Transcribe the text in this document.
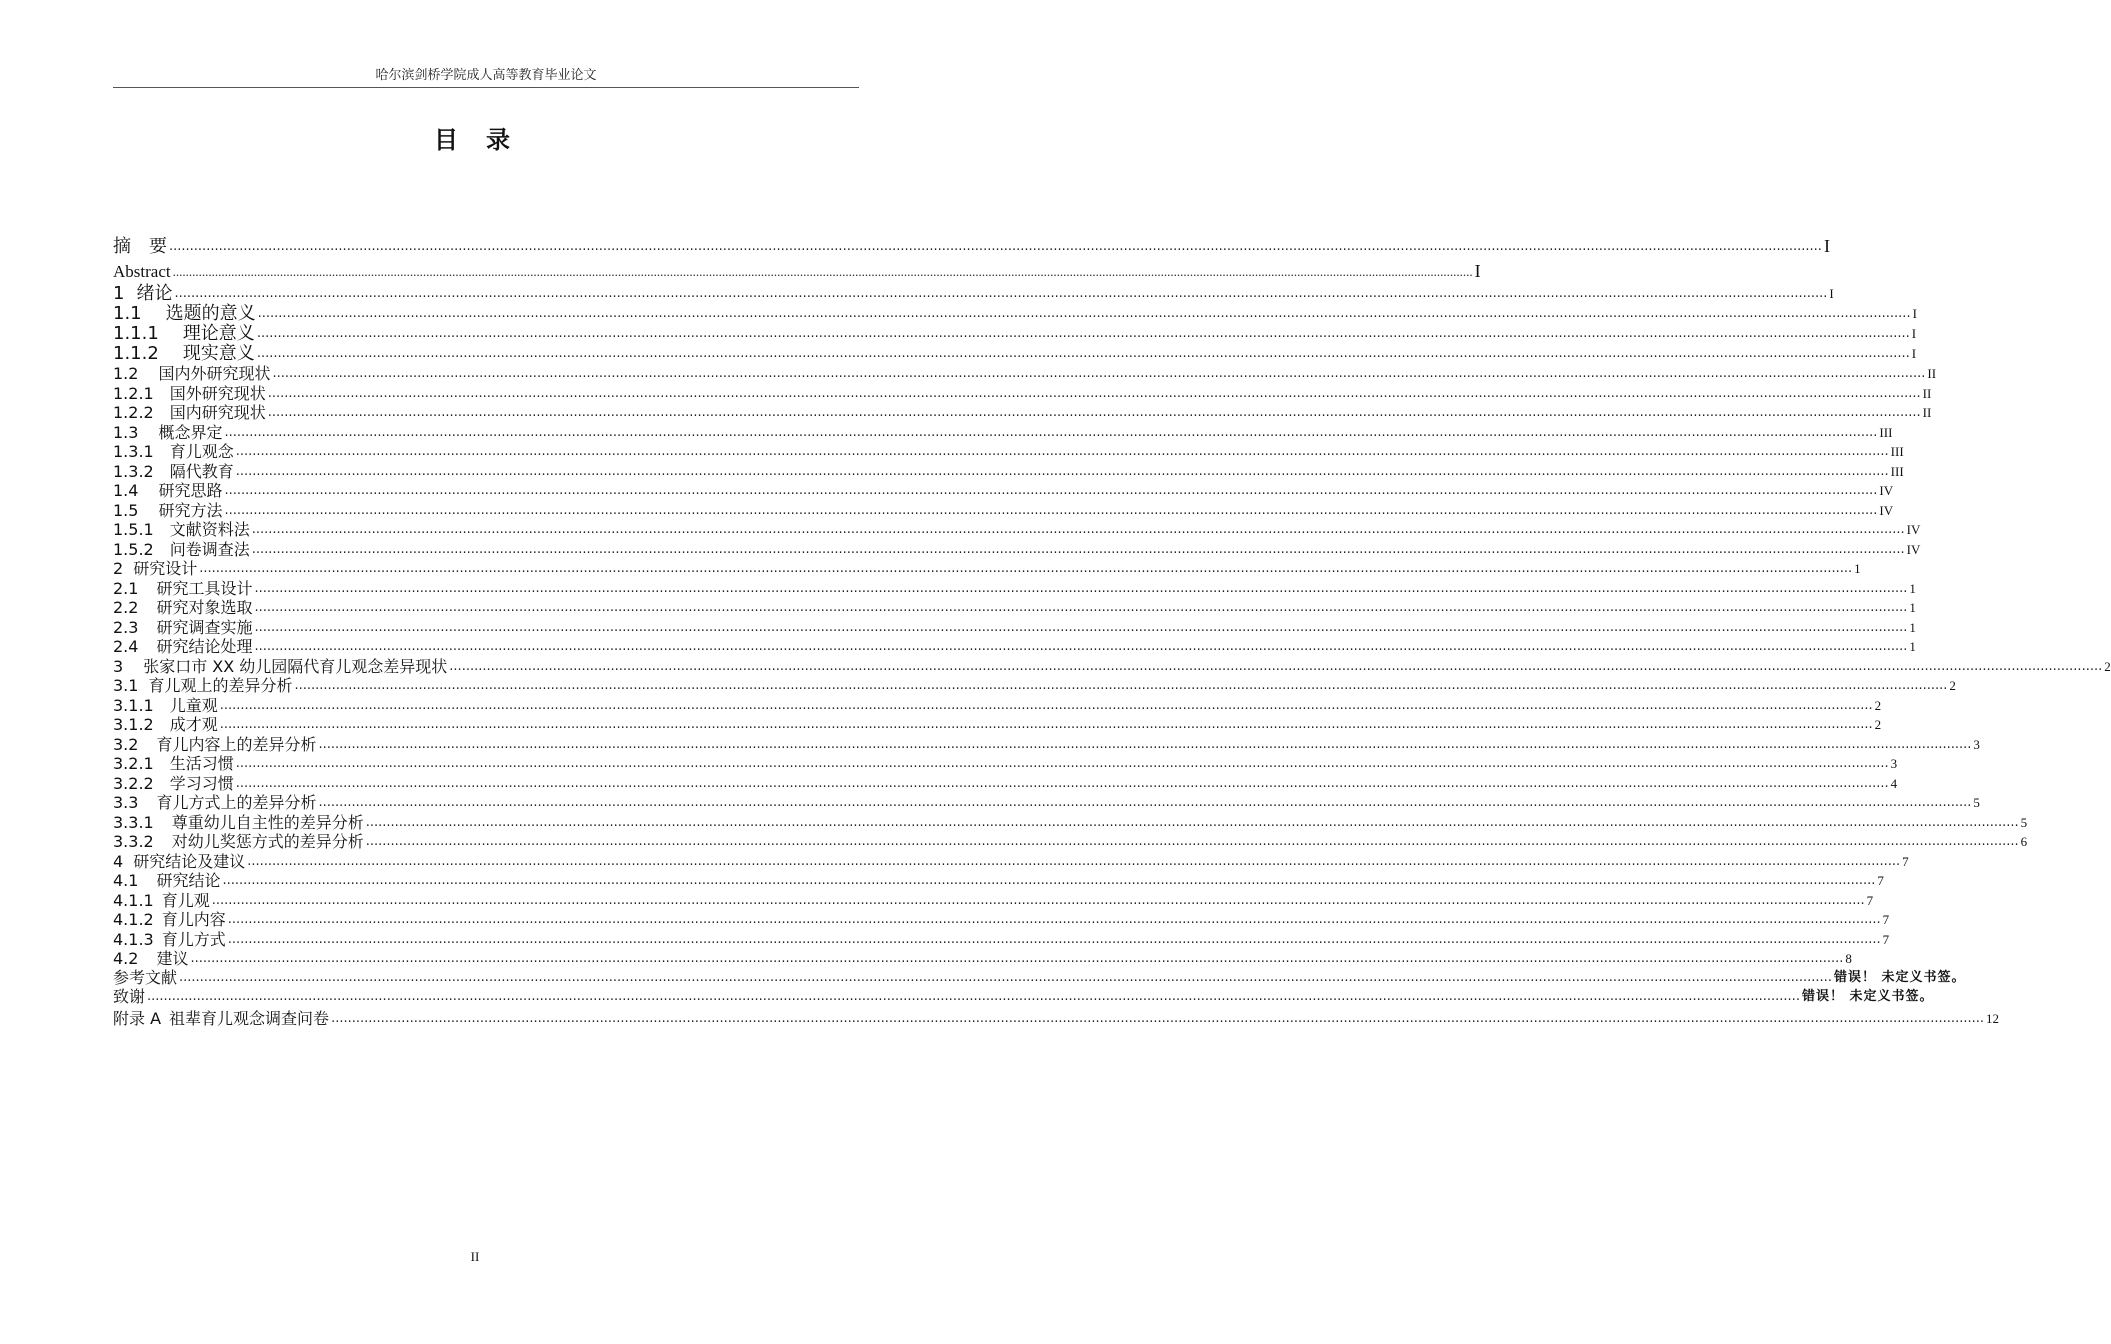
哈尔滨剑桥学院成人高等教育毕业论文
目 录
摘　要 ................................................................................................................................................................................................................................................................................................................................................................................................................ I
Abstract ................................................................................................................................................................................................................................................................................................................................................................................................................ I
1 绪论 ................................................................................................................................................................................................................................................................................................................................................................................................................ I
1.1 选题的意义 ................................................................................................................................................................................................................................................................................................................................................................................................................ I
1.1.1 理论意义 ................................................................................................................................................................................................................................................................................................................................................................................................................ I
1.1.2 现实意义 ................................................................................................................................................................................................................................................................................................................................................................................................................ I
1.2 国内外研究现状 ................................................................................................................................................................................................................................................................................................................................................................................................................ II
1.2.1 国外研究现状 ................................................................................................................................................................................................................................................................................................................................................................................................................ II
1.2.2 国内研究现状 ................................................................................................................................................................................................................................................................................................................................................................................................................ II
1.3 概念界定 ................................................................................................................................................................................................................................................................................................................................................................................................................ III
1.3.1 育儿观念 ................................................................................................................................................................................................................................................................................................................................................................................................................ III
1.3.2 隔代教育 ................................................................................................................................................................................................................................................................................................................................................................................................................ III
1.4 研究思路 ................................................................................................................................................................................................................................................................................................................................................................................................................ IV
1.5 研究方法 ................................................................................................................................................................................................................................................................................................................................................................................................................ IV
1.5.1 文献资料法 ................................................................................................................................................................................................................................................................................................................................................................................................................ IV
1.5.2 问卷调查法 ................................................................................................................................................................................................................................................................................................................................................................................................................ IV
2 研究设计 ................................................................................................................................................................................................................................................................................................................................................................................................................ 1
2.1 研究工具设计 ................................................................................................................................................................................................................................................................................................................................................................................................................ 1
2.2 研究对象选取 ................................................................................................................................................................................................................................................................................................................................................................................................................ 1
2.3 研究调查实施 ................................................................................................................................................................................................................................................................................................................................................................................................................ 1
2.4 研究结论处理 ................................................................................................................................................................................................................................................................................................................................................................................................................ 1
3 张家口市 XX 幼儿园隔代育儿观念差异现状 ................................................................................................................................................................................................................................................................................................................................................................................................................ 2
3.1 育儿观上的差异分析 ................................................................................................................................................................................................................................................................................................................................................................................................................ 2
3.1.1 儿童观 ................................................................................................................................................................................................................................................................................................................................................................................................................ 2
3.1.2 成才观 ................................................................................................................................................................................................................................................................................................................................................................................................................ 2
3.2 育儿内容上的差异分析 ................................................................................................................................................................................................................................................................................................................................................................................................................ 3
3.2.1 生活习惯 ................................................................................................................................................................................................................................................................................................................................................................................................................ 3
3.2.2 学习习惯 ................................................................................................................................................................................................................................................................................................................................................................................................................ 4
3.3 育儿方式上的差异分析 ................................................................................................................................................................................................................................................................................................................................................................................................................ 5
3.3.1 尊重幼儿自主性的差异分析 ................................................................................................................................................................................................................................................................................................................................................................................................................ 5
3.3.2 对幼儿奖惩方式的差异分析 ................................................................................................................................................................................................................................................................................................................................................................................................................ 6
4 研究结论及建议 ................................................................................................................................................................................................................................................................................................................................................................................................................ 7
4.1 研究结论 ................................................................................................................................................................................................................................................................................................................................................................................................................ 7
4.1.1 育儿观 ................................................................................................................................................................................................................................................................................................................................................................................................................ 7
4.1.2 育儿内容 ................................................................................................................................................................................................................................................................................................................................................................................................................ 7
4.1.3 育儿方式 ................................................................................................................................................................................................................................................................................................................................................................................................................ 7
4.2 建议 ................................................................................................................................................................................................................................................................................................................................................................................................................ 8
参考文献 ................................................................................................................................................................................................................................................................................................................................................................................................................ 错误！ 未定义书签。
致谢 ................................................................................................................................................................................................................................................................................................................................................................................................................ 错误！ 未定义书签。
附录 A 祖辈育儿观念调查问卷 ................................................................................................................................................................................................................................................................................................................................................................................................................ 12
II
